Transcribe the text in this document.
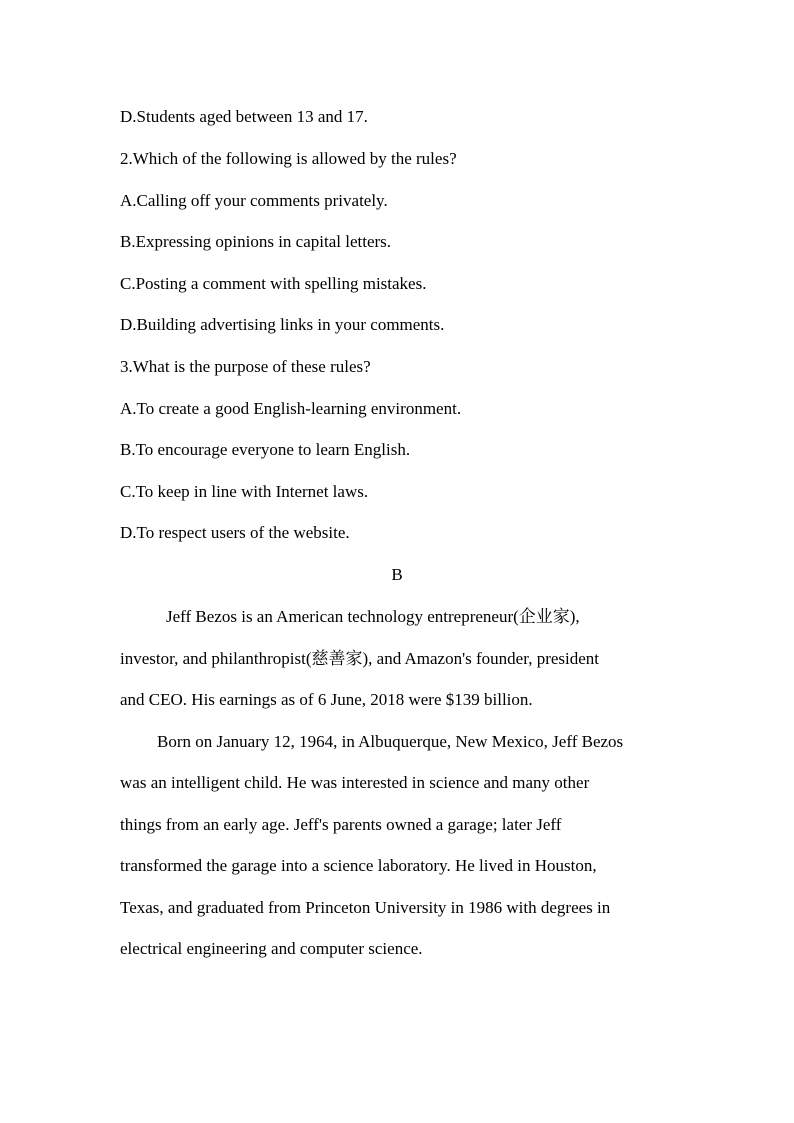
D.Students aged between 13 and 17.
2.Which of the following is allowed by the rules?
A.Calling off your comments privately.
B.Expressing opinions in capital letters.
C.Posting a comment with spelling mistakes.
D.Building advertising links in your comments.
3.What is the purpose of these rules?
A.To create a good English-learning environment.
B.To encourage everyone to learn English.
C.To keep in line with Internet laws.
D.To respect users of the website.
B
Jeff Bezos is an American technology entrepreneur(企业家),
investor, and philanthropist(慈善家), and Amazon's founder, president
and CEO. His earnings as of 6 June, 2018 were $139 billion.
Born on January 12, 1964, in Albuquerque, New Mexico, Jeff Bezos
was an intelligent child. He was interested in science and many other
things from an early age. Jeff's parents owned a garage; later Jeff
transformed the garage into a science laboratory. He lived in Houston,
Texas, and graduated from Princeton University in 1986 with degrees in
electrical engineering and computer science.
